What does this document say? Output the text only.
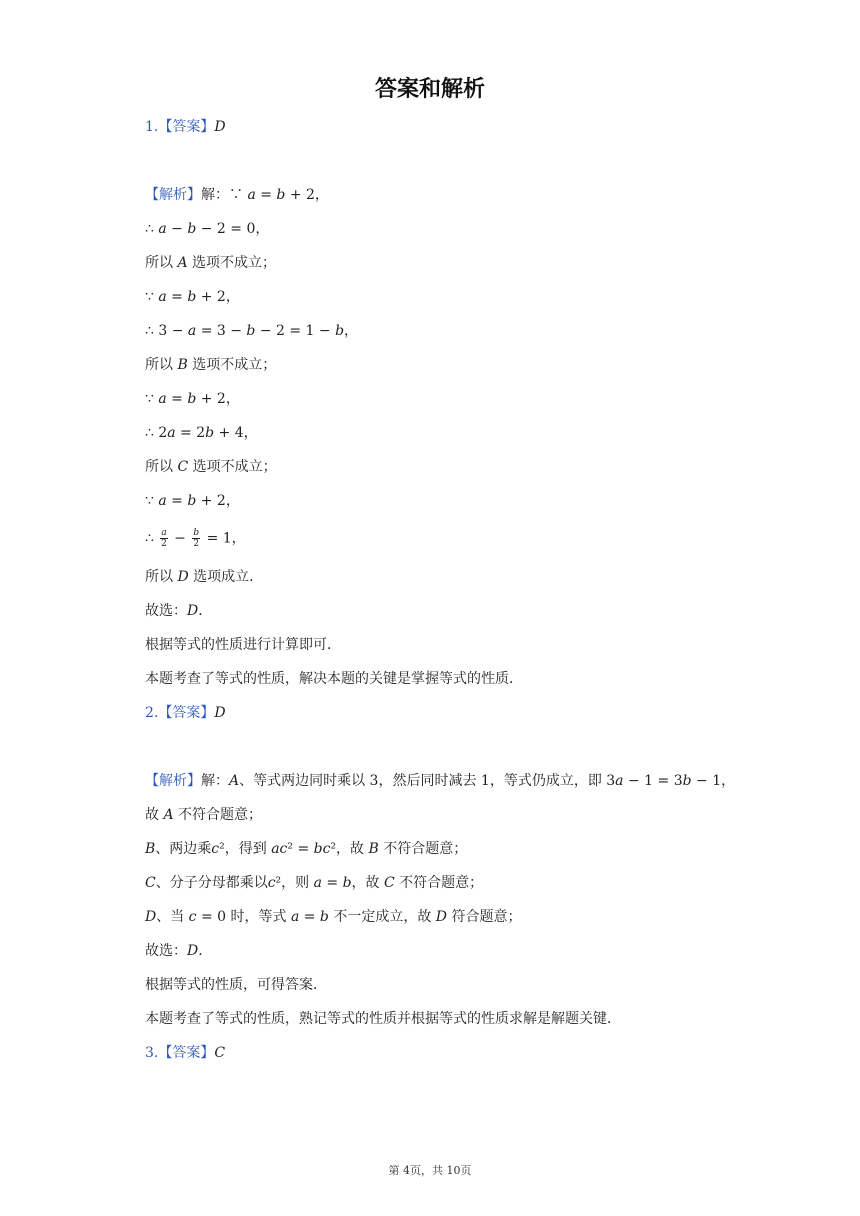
答案和解析
1.【答案】D
【解析】解：∵ 𝑎 = 𝑏 + 2，
∴ 𝑎 − 𝑏 − 2 = 0，
所以 𝐴 选项不成立；
∵ 𝑎 = 𝑏 + 2，
∴ 3 − 𝑎 = 3 − 𝑏 − 2 = 1 − 𝑏，
所以 𝐵 选项不成立；
∵ 𝑎 = 𝑏 + 2，
∴ 2𝑎 = 2𝑏 + 4，
所以 𝐶 选项不成立；
∵ 𝑎 = 𝑏 + 2，
∴ $\frac{a}{2} - \frac{b}{2} = 1$，
所以 𝐷 选项成立．
故选：𝐷．
根据等式的性质进行计算即可．
本题考查了等式的性质，解决本题的关键是掌握等式的性质．
2.【答案】D
【解析】解：𝐴、等式两边同时乘以 3，然后同时减去 1，等式仍成立，即 3𝑎 − 1 = 3𝑏 − 1，
故 𝐴 不符合题意；
𝐵、两边乘𝑐²，得到 𝑎𝑐² = 𝑏𝑐²，故 𝐵 不符合题意；
𝐶、分子分母都乘以𝑐²，则 𝑎 = 𝑏，故 𝐶 不符合题意；
𝐷、当 𝑐 = 0 时，等式 𝑎 = 𝑏 不一定成立，故 𝐷 符合题意；
故选：𝐷．
根据等式的性质，可得答案．
本题考查了等式的性质，熟记等式的性质并根据等式的性质求解是解题关键．
3.【答案】C
第 4页，共 10页
